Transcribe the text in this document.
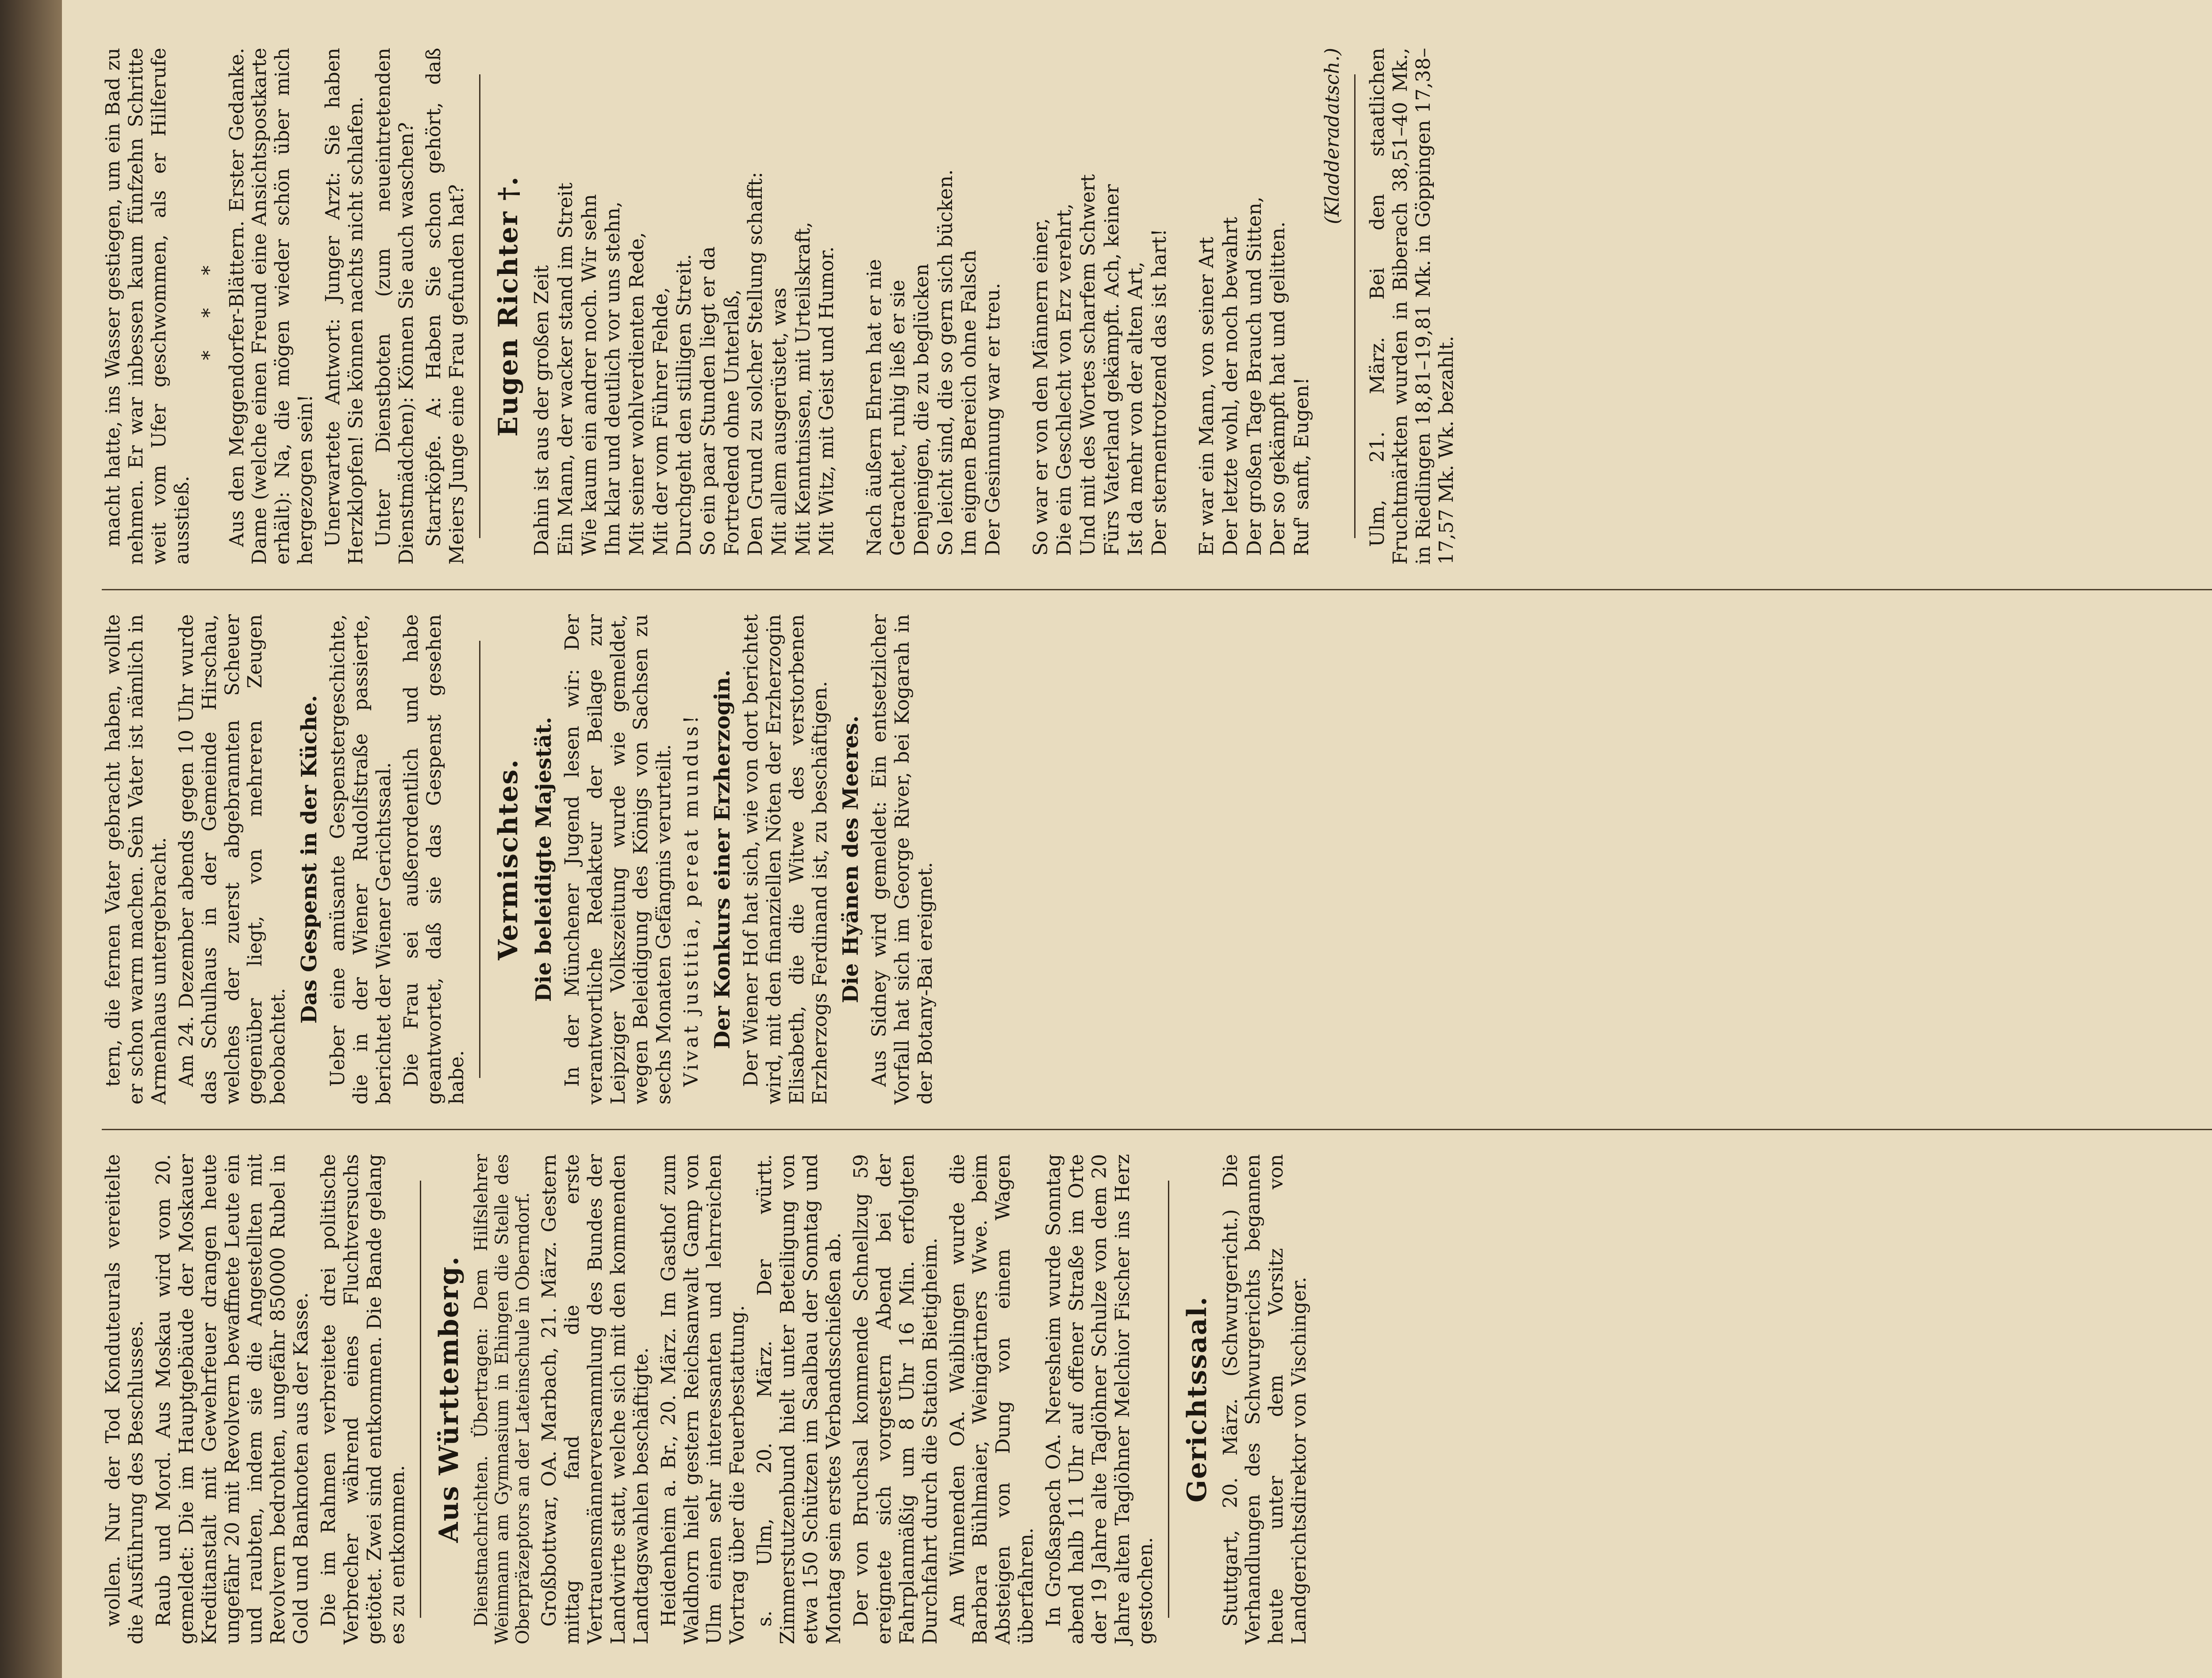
wollen. Nur der Tod Konduteurals vereitelte die Ausführung des Beschlusses. Raub und Mord. Aus Moskau wird vom 20. gemeldet: Die im Hauptgebäude der Moskauer Kreditanstalt mit Gewehrfeuer drangen heute ungefähr 20 mit Revolvern bewaffnete Leute ein und raubten, indem sie die Angestellten mit Revolvern bedrohten, ungefähr 850000 Rubel in Gold und Banknoten aus der Kasse. Die im Rahmen verbreitete drei politische Verbrecher während eines Fluchtversuchs getötet. Zwei sind entkommen. Die Bande gelang es zu entkommen.

Aus Württemberg. Dienstnachrichten. Übertragen: Dem Hilfslehrer Weinmann am Gymnasium in Ehingen die Stelle des Oberpräzeptors an der Lateinschule in Oberndorf. Großbottwar, OA. Marbach, 21. März. Gestern mittag fand die erste Vertrauensmännerversammlung des Bundes der Landwirte statt, welche sich mit den kommenden Landtagswahlen beschäftigte. Heidenheim a. Br., 20. März. Im Gasthof zum Waldhorn hielt gestern Reichsanwalt Gamp von Ulm einen sehr interessanten und lehrreichen Vortrag über die Feuerbestattung. s. Ulm, 20. März. Der württ. Zimmerstutzenbund hielt unter Beteiligung von etwa 150 Schützen im Saalbau der Sonntag und Montag sein erstes Verbandsschießen ab. Der von Bruchsal kommende Schnellzug 59 ereignete sich vorgestern Abend bei der Fahrplanmäßig um 8 Uhr 16 Min. erfolgten Durchfahrt durch die Station Bietigheim. Am Winnenden OA. Waiblingen wurde die Barbara Bühlmaier, Weingärtners Wwe. beim Absteigen von Dung von einem Wagen überfahren. In Großaspach OA. Neresheim wurde Sonntag abend halb 11 Uhr auf offener Straße im Orte der 19 Jahre alte Taglöhner Schulze von dem 20 Jahre alten Taglöhner Melchior Fischer ins Herz gestochen.

Gerichtssaal. Stuttgart, 20. März. (Schwurgericht.) Die Verhandlungen des Schwurgerichts begannen heute unter dem Vorsitz von Landgerichtsdirektor von Vischinger.

tern, die fernen Vater gebracht haben, wollte er schon warm machen. Sein Vater ist nämlich in Armenhaus untergebracht. Am 24. Dezember abends gegen 10 Uhr wurde das Schulhaus in der Gemeinde Hirschau, welches der zuerst abgebrannten Scheuer gegenüber liegt, von mehreren Zeugen beobachtet.

Das Gespenst in der Küche. Ueber eine amüsante Gespenstergeschichte, die in der Wiener Rudolfstraße passierte, berichtet der Wiener Gerichtssaal. Die Frau sei außerordentlich und habe geantwortet, daß sie das Gespenst gesehen habe.

Vermischtes. Die beleidigte Majestät. In der Münchener Jugend lesen wir: Der verantwortliche Redakteur der Beilage zur Leipziger Volkszeitung wurde wie gemeldet, wegen Beleidigung des Königs von Sachsen zu sechs Monaten Gefängnis verurteilt. Vivat justitia, pereat mundus! Der Konkurs einer Erzherzogin. Der Wiener Hof hat sich, wie von dort berichtet wird, mit den finanziellen Nöten der Erzherzogin Elisabeth, die die Witwe des verstorbenen Erzherzogs Ferdinand ist, zu beschäftigen. Die Hyänen des Meeres. Aus Sidney wird gemeldet: Ein entsetzlicher Vorfall hat sich im George River, bei Kogarah in der Botany-Bai ereignet.

macht hatte, ins Wasser gestiegen, um ein Bad zu nehmen. Er war inbessen kaum fünfzehn Schritte weit vom Ufer geschwommen, als er Hilferufe ausstieß.

* * * Aus den Meggendorfer-Blättern. Erster Gedanke. Dame (welche einen Freund eine Ansichtspostkarte erhält): Na, die mögen wieder schön über mich hergezogen sein! Unerwartete Antwort: Junger Arzt: Sie haben Herzklopfen! Sie können nachts nicht schlafen. Unter Dienstboten (zum neueintretenden Dienstmädchen): Können Sie auch waschen? Starrköpfe. A: Haben Sie schon gehört, daß Meiers Junge eine Frau gefunden hat? Eugen Richter †. Dahin ist aus der großen Zeit Ein Mann, der wacker stand im Streit Wie kaum ein andrer noch. Wir sehn Ihn klar und deutlich vor uns stehn, Mit seiner wohlverdienten Rede, Mit der vom Führer Fehde, Durchgeht den stilligen Streit. So ein paar Stunden liegt er da Fortredend ohne Unterlaß, Den Grund zu solcher Stellung schafft: Mit allem ausgerüstet, was Mit Kenntnissen, mit Urteilskraft, Mit Witz, mit Geist und Humor.
Nach äußern Ehren hat er nie Getrachtet, ruhig ließ er sie Denjenigen, die zu beglücken So leicht sind, die so gern sich bücken. Im eignen Bereich ohne Falsch Der Gesinnung war er treu.
So war er von den Männern einer, Die ein Geschlecht von Erz verehrt, Und mit des Wortes scharfem Schwert Fürs Vaterland gekämpft. Ach, keiner Ist da mehr von der alten Art, Der sternentrotzend das ist hart!
Er war ein Mann, von seiner Art Der letzte wohl, der noch bewahrt Der großen Tage Brauch und Sitten, Der so gekämpft hat und gelitten. Ruf' sanft, Eugen!
(Kladderadatsch.) Ulm, 21. März. Bei den staatlichen Fruchtmärkten wurden in Biberach 38,51–40 Mk., in Riedlingen 18,81–19,81 Mk. in Göppingen 17,38–17,57 Mk. Wk. bezahlt.
